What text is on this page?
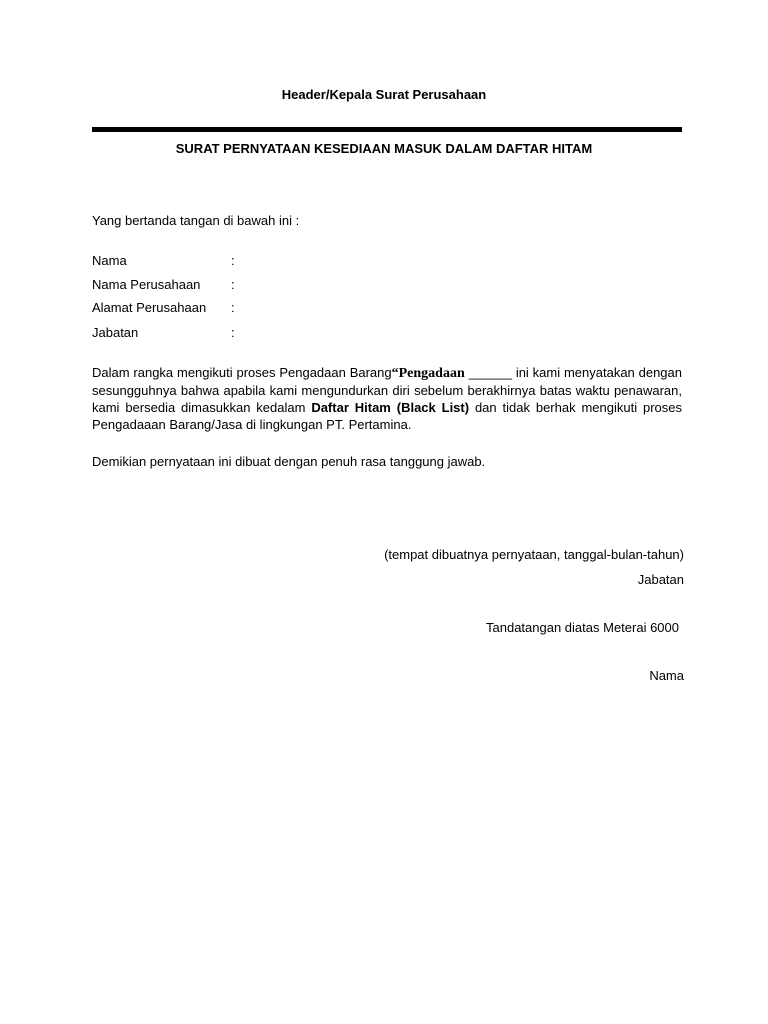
Header/Kepala Surat Perusahaan
SURAT PERNYATAAN KESEDIAAN MASUK DALAM DAFTAR HITAM
Yang bertanda tangan di bawah ini :
Nama	:
Nama Perusahaan :
Alamat Perusahaan :
Jabatan	:
Dalam rangka mengikuti proses Pengadaan Barang“Pengadaan ______ ini kami menyatakan dengan sesungguhnya bahwa apabila kami mengundurkan diri sebelum berakhirnya batas waktu penawaran, kami bersedia dimasukkan kedalam Daftar Hitam (Black List) dan tidak berhak mengikuti proses Pengadaaan Barang/Jasa di lingkungan PT. Pertamina.
Demikian pernyataan ini dibuat dengan penuh rasa tanggung jawab.
(tempat dibuatnya pernyataan, tanggal-bulan-tahun)
Jabatan
Tandatangan diatas Meterai 6000
Nama
